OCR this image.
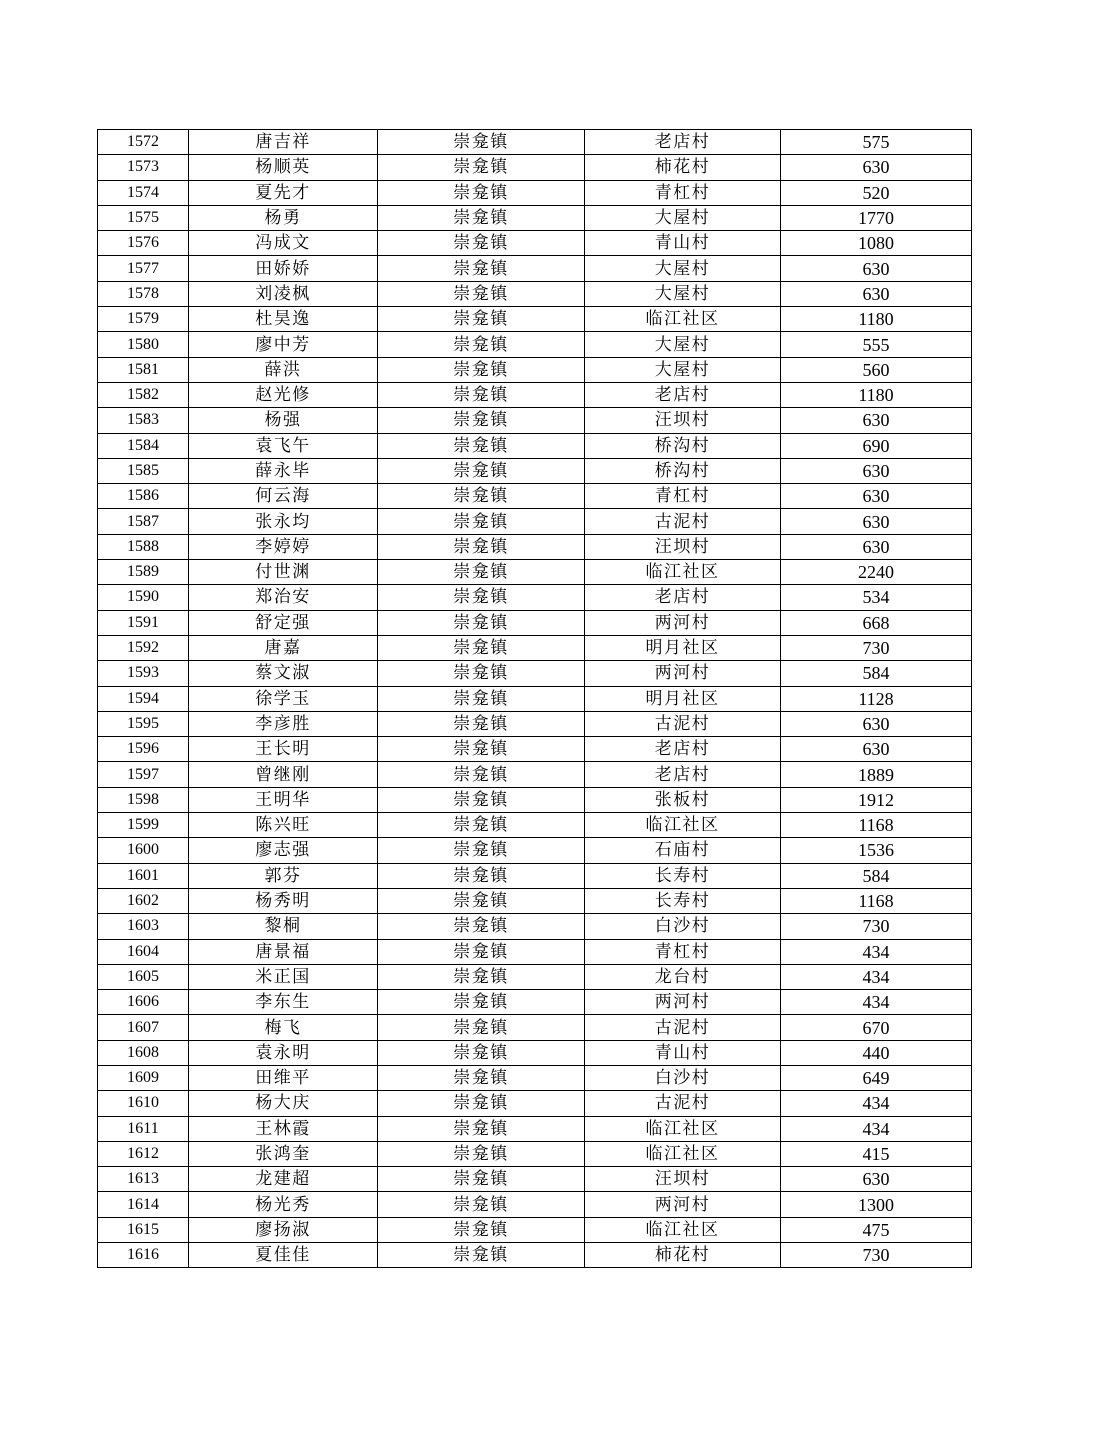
1572	唐吉祥	崇龛镇	老店村	575
1573	杨顺英	崇龛镇	柿花村	630
1574	夏先才	崇龛镇	青杠村	520
1575	杨勇	崇龛镇	大屋村	1770
1576	冯成文	崇龛镇	青山村	1080
1577	田娇娇	崇龛镇	大屋村	630
1578	刘凌枫	崇龛镇	大屋村	630
1579	杜昊逸	崇龛镇	临江社区	1180
1580	廖中芳	崇龛镇	大屋村	555
1581	薛洪	崇龛镇	大屋村	560
1582	赵光修	崇龛镇	老店村	1180
1583	杨强	崇龛镇	汪坝村	630
1584	袁飞午	崇龛镇	桥沟村	690
1585	薛永毕	崇龛镇	桥沟村	630
1586	何云海	崇龛镇	青杠村	630
1587	张永均	崇龛镇	古泥村	630
1588	李婷婷	崇龛镇	汪坝村	630
1589	付世渊	崇龛镇	临江社区	2240
1590	郑治安	崇龛镇	老店村	534
1591	舒定强	崇龛镇	两河村	668
1592	唐嘉	崇龛镇	明月社区	730
1593	蔡文淑	崇龛镇	两河村	584
1594	徐学玉	崇龛镇	明月社区	1128
1595	李彦胜	崇龛镇	古泥村	630
1596	王长明	崇龛镇	老店村	630
1597	曾继刚	崇龛镇	老店村	1889
1598	王明华	崇龛镇	张板村	1912
1599	陈兴旺	崇龛镇	临江社区	1168
1600	廖志强	崇龛镇	石庙村	1536
1601	郭芬	崇龛镇	长寿村	584
1602	杨秀明	崇龛镇	长寿村	1168
1603	黎桐	崇龛镇	白沙村	730
1604	唐景福	崇龛镇	青杠村	434
1605	米正国	崇龛镇	龙台村	434
1606	李东生	崇龛镇	两河村	434
1607	梅飞	崇龛镇	古泥村	670
1608	袁永明	崇龛镇	青山村	440
1609	田维平	崇龛镇	白沙村	649
1610	杨大庆	崇龛镇	古泥村	434
1611	王林霞	崇龛镇	临江社区	434
1612	张鸿奎	崇龛镇	临江社区	415
1613	龙建超	崇龛镇	汪坝村	630
1614	杨光秀	崇龛镇	两河村	1300
1615	廖扬淑	崇龛镇	临江社区	475
1616	夏佳佳	崇龛镇	柿花村	730
